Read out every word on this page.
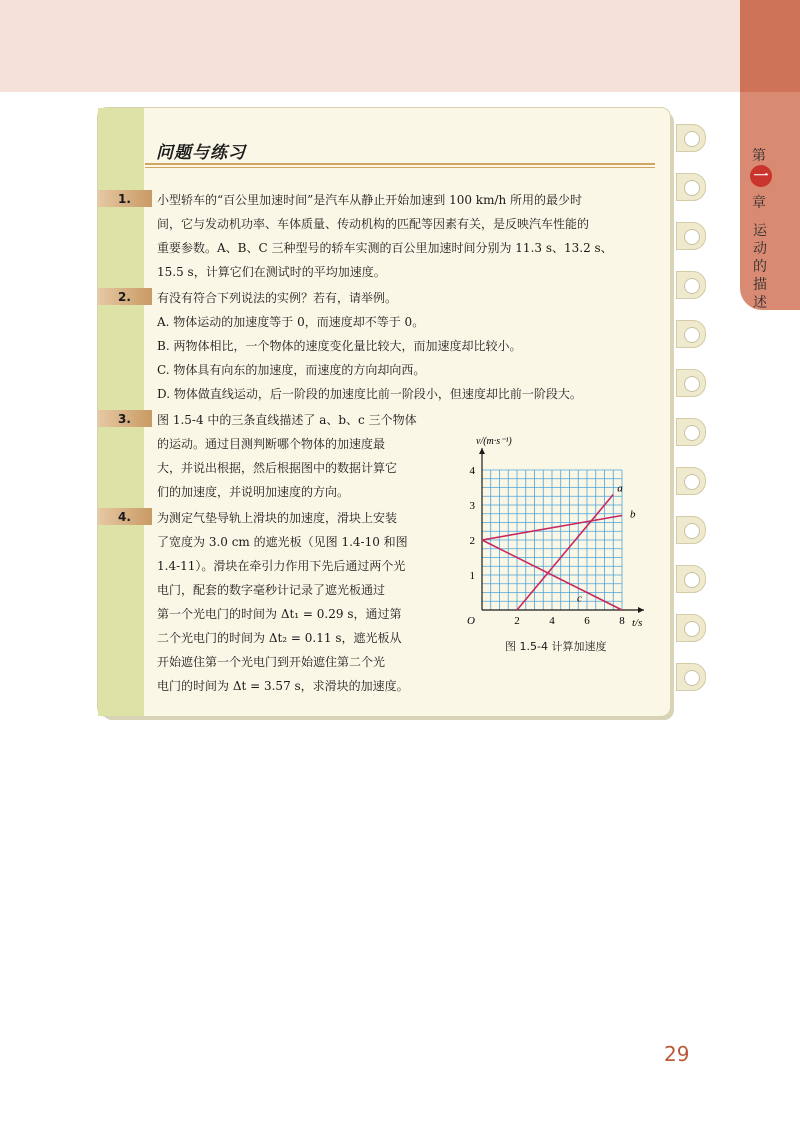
第
一
章
运动的描述
问题与练习
1.	小型轿车的“百公里加速时间”是汽车从静止开始加速到 100 km/h 所用的最少时
间，它与发动机功率、车体质量、传动机构的匹配等因素有关，是反映汽车性能的
重要参数。A、B、C 三种型号的轿车实测的百公里加速时间分别为 11.3 s、13.2 s、
15.5 s，计算它们在测试时的平均加速度。
2.	有没有符合下列说法的实例？若有，请举例。
A. 物体运动的加速度等于 0，而速度却不等于 0。
B. 两物体相比，一个物体的速度变化量比较大，而加速度却比较小。
C. 物体具有向东的加速度，而速度的方向却向西。
D. 物体做直线运动，后一阶段的加速度比前一阶段小，但速度却比前一阶段大。
3.	图 1.5-4 中的三条直线描述了 a、b、c 三个物体
的运动。通过目测判断哪个物体的加速度最
大，并说出根据，然后根据图中的数据计算它
们的加速度，并说明加速度的方向。
4.	为测定气垫导轨上滑块的加速度，滑块上安装
了宽度为 3.0 cm 的遮光板（见图 1.4-10 和图
1.4-11）。滑块在牵引力作用下先后通过两个光
电门，配套的数字毫秒计记录了遮光板通过
第一个光电门的时间为 Δt₁ = 0.29 s，通过第
二个光电门的时间为 Δt₂ = 0.11 s，遮光板从
开始遮住第一个光电门到开始遮住第二个光
电门的时间为 Δt = 3.57 s，求滑块的加速度。
2	4	6	8
1
2
3
4
O	t/s
v/(m·s⁻¹)
a
b
c
图 1.5-4 计算加速度
29
